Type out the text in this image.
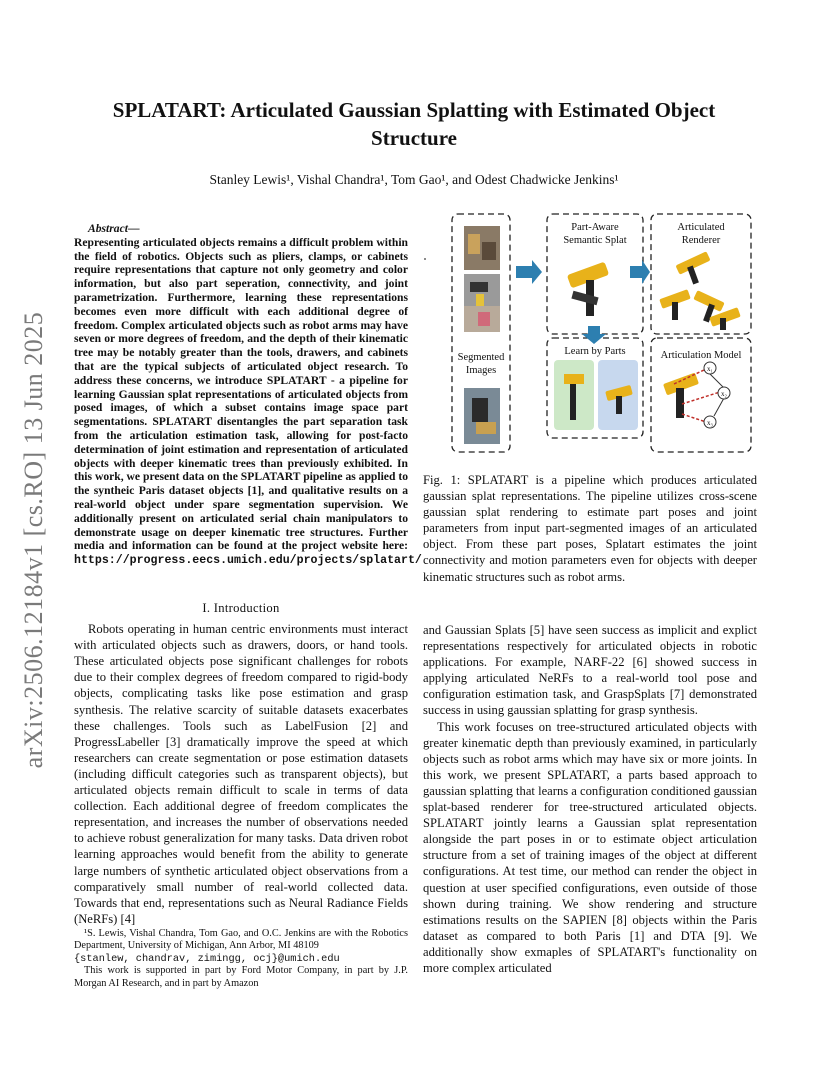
arXiv:2506.12184v1 [cs.RO] 13 Jun 2025
SPLATART: Articulated Gaussian Splatting with Estimated Object
Structure
Stanley Lewis¹, Vishal Chandra¹, Tom Gao¹, and Odest Chadwicke Jenkins¹
Abstract—
Representing articulated objects remains a difficult problem within the field of robotics. Objects such as pliers, clamps, or cabinets require representations that capture not only geometry and color information, but also part seperation, connectivity, and joint parametrization. Furthermore, learning these representations becomes even more difficult with each additional degree of freedom. Complex articulated objects such as robot arms may have seven or more degrees of freedom, and the depth of their kinematic tree may be notably greater than the tools, drawers, and cabinets that are the typical subjects of articulated object research. To address these concerns, we introduce SPLATART - a pipeline for learning Gaussian splat representations of articulated objects from posed images, of which a subset contains image space part segmentations. SPLATART disentangles the part separation task from the articulation estimation task, allowing for post-facto determination of joint estimation and representation of articulated objects with deeper kinematic trees than previously exhibited. In this work, we present data on the SPLATART pipeline as applied to the syntheic Paris dataset objects [1], and qualitative results on a real-world object under spare segmentation supervision. We additionally present on articulated serial chain manipulators to demonstrate usage on deeper kinematic tree structures. Further media and information can be found at the project website here: https://progress.eecs.umich.edu/projects/splatart/
I. Introduction

Robots operating in human centric environments must interact with articulated objects such as drawers, doors, or hand tools. These articulated objects pose significant challenges for robots due to their complex degrees of freedom compared to rigid-body objects, complicating tasks like pose estimation and grasp synthesis. The relative scarcity of suitable datasets exacerbates these challenges. Tools such as LabelFusion [2] and ProgressLabeller [3] dramatically improve the speed at which researchers can create segmentation or pose estimation datasets (including difficult categories such as transparent objects), but articulated objects remain difficult to scale in terms of data collection. Each additional degree of freedom complicates the representation, and increases the number of observations needed to achieve robust generalization for many tasks. Data driven robot learning approaches would benefit from the ability to generate large numbers of synthetic articulated object observations from a comparatively small number of real-world collected data. Towards that end, representations such as Neural Radiance Fields (NeRFs) [4]

¹S. Lewis, Vishal Chandra, Tom Gao, and O.C. Jenkins are with the Robotics Department, University of Michigan, Ann Arbor, MI 48109
{stanlew, chandrav, zimingg, ocj}@umich.edu
This work is supported in part by Ford Motor Company, in part by J.P. Morgan AI Research, and in part by Amazon
Segmented Images
Part-Aware Semantic Splat
Learn by Parts
Articulated Renderer
Articulation Model
x₁
x₂
x₃
Fig. 1: SPLATART is a pipeline which produces articulated gaussian splat representations. The pipeline utilizes cross-scene gaussian splat rendering to estimate part poses and joint parameters from input part-segmented images of an articulated object. From these part poses, Splatart estimates the joint connectivity and motion parameters even for objects with deeper kinematic structures such as robot arms.

and Gaussian Splats [5] have seen success as implicit and explict representations respectively for articulated objects in robotic applications. For example, NARF-22 [6] showed success in applying articulated NeRFs to a real-world tool pose and configuration estimation task, and GraspSplats [7] demonstrated success in using gaussian splatting for grasp synthesis.

This work focuses on tree-structured articulated objects with greater kinematic depth than previously examined, in particularly objects such as robot arms which may have six or more joints. In this work, we present SPLATART, a parts based approach to gaussian splatting that learns a configuration conditioned gaussian splat-based renderer for tree-structured articulated objects. SPLATART jointly learns a Gaussian splat representation alongside the part poses in or to estimate object articulation structure from a set of training images of the object at different configurations. At test time, our method can render the object in question at user specified configurations, even outside of those shown during training. We show rendering and structure estimations results on the SAPIEN [8] objects within the Paris dataset as compared to both Paris [1] and DTA [9]. We additionally show exmaples of SPLATART's functionality on more complex articulated
